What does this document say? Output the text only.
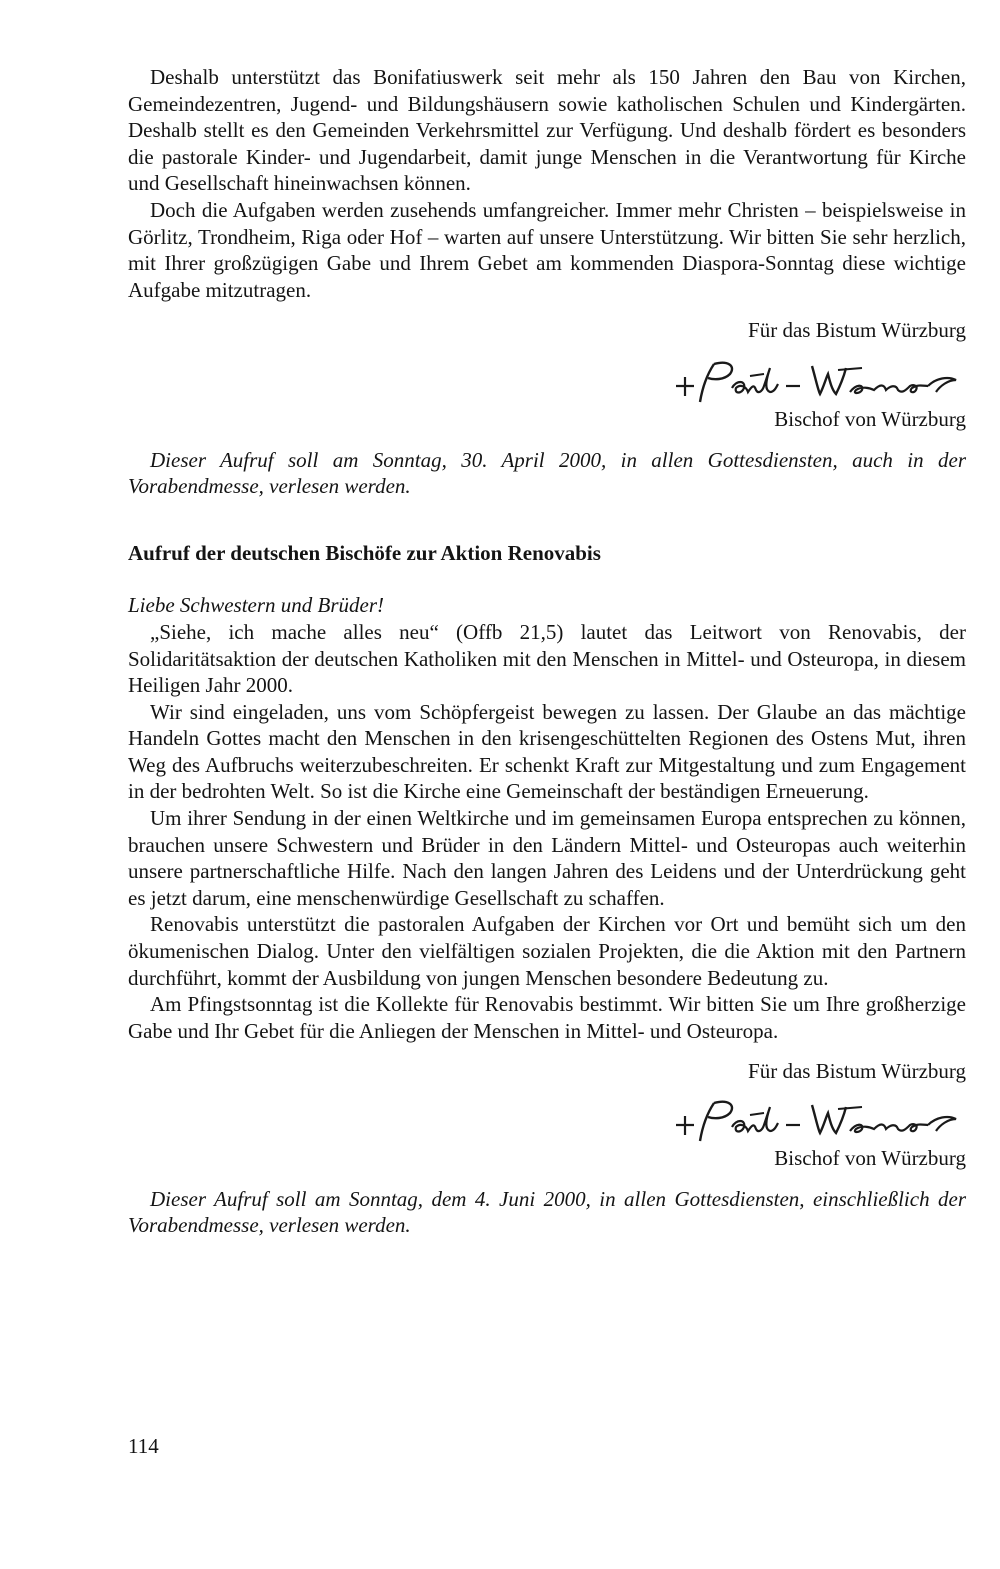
Deshalb unterstützt das Bonifatiuswerk seit mehr als 150 Jahren den Bau von Kirchen, Gemeindezentren, Jugend- und Bildungshäusern sowie katholischen Schulen und Kindergärten. Deshalb stellt es den Gemeinden Verkehrsmittel zur Verfügung. Und deshalb fördert es besonders die pastorale Kinder- und Jugendarbeit, damit junge Menschen in die Verantwortung für Kirche und Gesellschaft hineinwachsen können.

Doch die Aufgaben werden zusehends umfangreicher. Immer mehr Christen – beispielsweise in Görlitz, Trondheim, Riga oder Hof – warten auf unsere Unterstützung. Wir bitten Sie sehr herzlich, mit Ihrer großzügigen Gabe und Ihrem Gebet am kommenden Diaspora-Sonntag diese wichtige Aufgabe mitzutragen.

Für das Bistum Würzburg

Bischof von Würzburg

Dieser Aufruf soll am Sonntag, 30. April 2000, in allen Gottesdiensten, auch in der Vorabendmesse, verlesen werden.

Aufruf der deutschen Bischöfe zur Aktion Renovabis

Liebe Schwestern und Brüder!

„Siehe, ich mache alles neu“ (Offb 21,5) lautet das Leitwort von Renovabis, der Solidaritätsaktion der deutschen Katholiken mit den Menschen in Mittel- und Osteuropa, in diesem Heiligen Jahr 2000.

Wir sind eingeladen, uns vom Schöpfergeist bewegen zu lassen. Der Glaube an das mächtige Handeln Gottes macht den Menschen in den krisengeschüttelten Regionen des Ostens Mut, ihren Weg des Aufbruchs weiterzubeschreiten. Er schenkt Kraft zur Mitgestaltung und zum Engagement in der bedrohten Welt. So ist die Kirche eine Gemeinschaft der beständigen Erneuerung.

Um ihrer Sendung in der einen Weltkirche und im gemeinsamen Europa entsprechen zu können, brauchen unsere Schwestern und Brüder in den Ländern Mittel- und Osteuropas auch weiterhin unsere partnerschaftliche Hilfe. Nach den langen Jahren des Leidens und der Unterdrückung geht es jetzt darum, eine menschenwürdige Gesellschaft zu schaffen.

Renovabis unterstützt die pastoralen Aufgaben der Kirchen vor Ort und bemüht sich um den ökumenischen Dialog. Unter den vielfältigen sozialen Projekten, die die Aktion mit den Partnern durchführt, kommt der Ausbildung von jungen Menschen besondere Bedeutung zu.

Am Pfingstsonntag ist die Kollekte für Renovabis bestimmt. Wir bitten Sie um Ihre großherzige Gabe und Ihr Gebet für die Anliegen der Menschen in Mittel- und Osteuropa.

Für das Bistum Würzburg

Bischof von Würzburg

Dieser Aufruf soll am Sonntag, dem 4. Juni 2000, in allen Gottesdiensten, einschließlich der Vorabendmesse, verlesen werden.

114
